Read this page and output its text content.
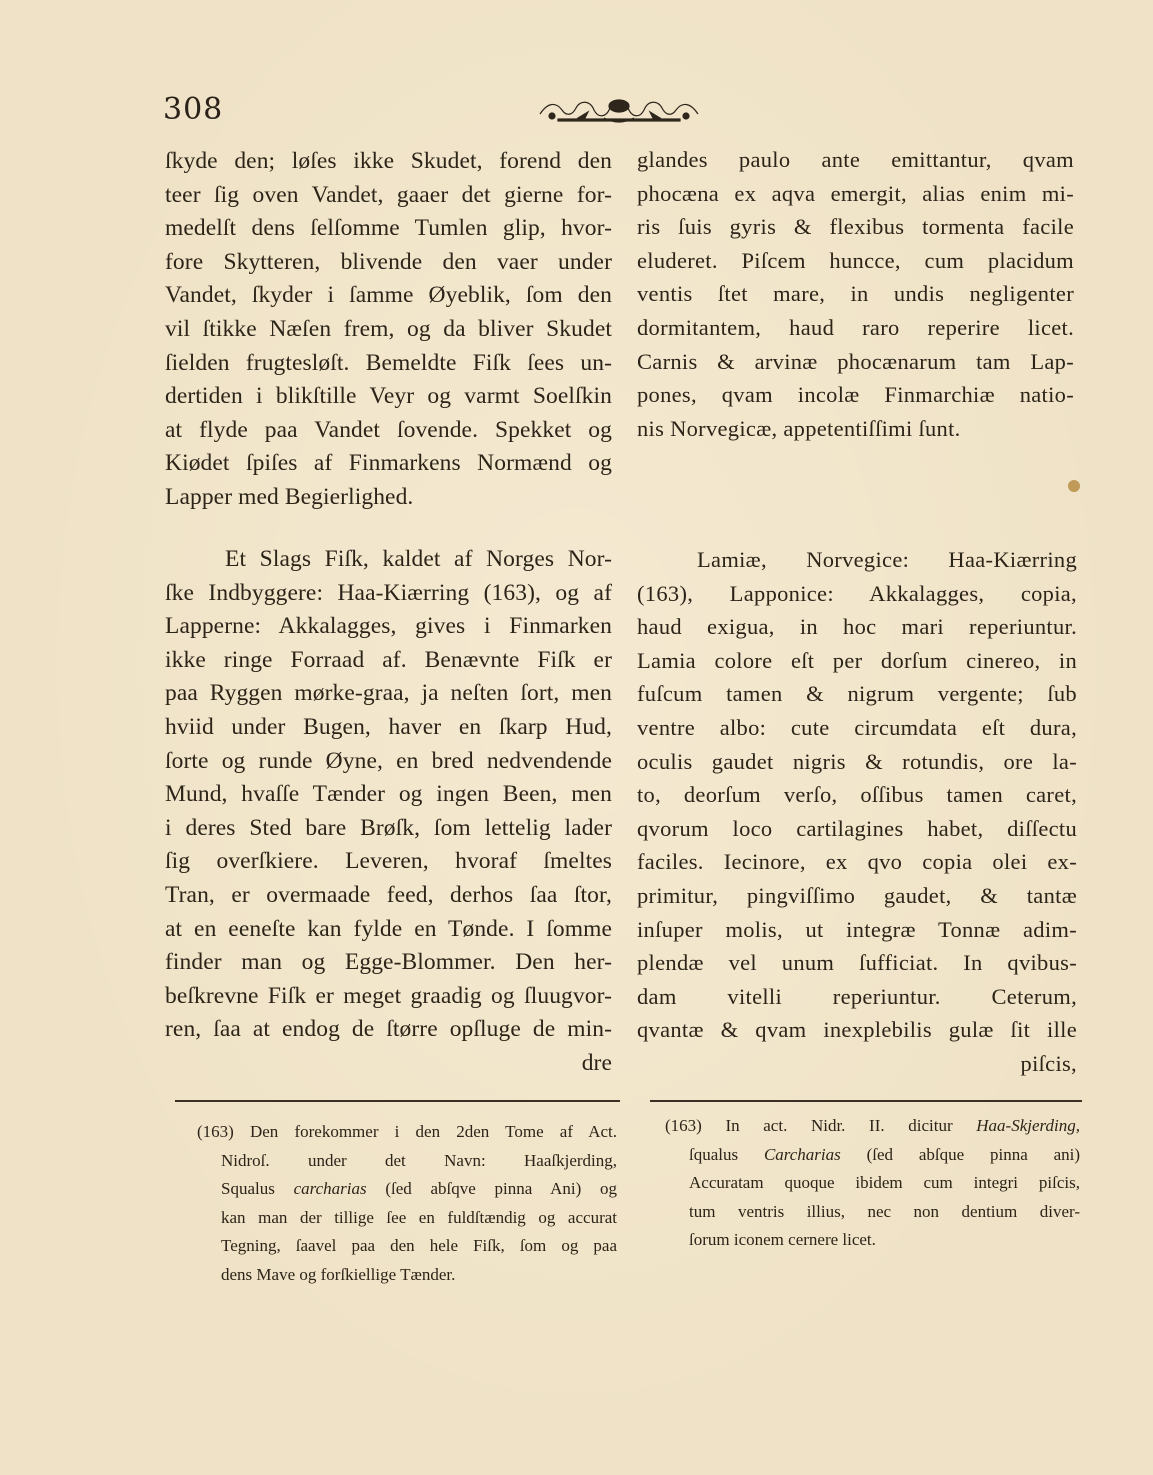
308
ſkyde den; løſes ikke Skudet, forend den
teer ſig oven Vandet, gaaer det gierne for-
medelſt dens ſelſomme Tumlen glip, hvor-
fore Skytteren, blivende den vaer under
Vandet, ſkyder i ſamme Øyeblik, ſom den
vil ſtikke Næſen frem, og da bliver Skudet
ſielden frugtesløſt. Bemeldte Fiſk ſees un-
dertiden i blikſtille Veyr og varmt Soelſkin
at flyde paa Vandet ſovende. Spekket og
Kiødet ſpiſes af Finmarkens Normænd og
Lapper med Begierlighed.
glandes paulo ante emittantur, qvam
phocæna ex aqva emergit, alias enim mi-
ris ſuis gyris & flexibus tormenta facile
eluderet. Piſcem huncce, cum placidum
ventis ſtet mare, in undis negligenter
dormitantem, haud raro reperire licet.
Carnis & arvinæ phocænarum tam Lap-
pones, qvam incolæ Finmarchiæ natio-
nis Norvegicæ, appetentiſſimi ſunt.
Et Slags Fiſk, kaldet af Norges Nor-
ſke Indbyggere: Haa-Kiærring (163), og af
Lapperne: Akkalagges, gives i Finmarken
ikke ringe Forraad af. Benævnte Fiſk er
paa Ryggen mørke-graa, ja neſten ſort, men
hviid under Bugen, haver en ſkarp Hud,
ſorte og runde Øyne, en bred nedvendende
Mund, hvaſſe Tænder og ingen Been, men
i deres Sted bare Brøſk, ſom lettelig lader
ſig overſkiere. Leveren, hvoraf ſmeltes
Tran, er overmaade feed, derhos ſaa ſtor,
at en eeneſte kan fylde en Tønde. I ſomme
finder man og Egge-Blommer. Den her-
beſkrevne Fiſk er meget graadig og ſluugvor-
ren, ſaa at endog de ſtørre opſluge de min-
dre
Lamiæ, Norvegice: Haa-Kiærring
(163), Lapponice: Akkalagges, copia,
haud exigua, in hoc mari reperiuntur.
Lamia colore eſt per dorſum cinereo, in
fuſcum tamen & nigrum vergente; ſub
ventre albo: cute circumdata eſt dura,
oculis gaudet nigris & rotundis, ore la-
to, deorſum verſo, oſſibus tamen caret,
qvorum loco cartilagines habet, diſſectu
faciles. Iecinore, ex qvo copia olei ex-
primitur, pingviſſimo gaudet, & tantæ
inſuper molis, ut integræ Tonnæ adim-
plendæ vel unum ſufficiat. In qvibus-
dam vitelli reperiuntur. Ceterum,
qvantæ & qvam inexplebilis gulæ ſit ille
piſcis,
(163) Den forekommer i den 2den Tome af Act.
Nidroſ. under det Navn: Haaſkjerding,
Squalus carcharias (ſed abſqve pinna Ani) og
kan man der tillige ſee en fuldſtændig og accurat
Tegning, ſaavel paa den hele Fiſk, ſom og paa
dens Mave og forſkiellige Tænder.
(163) In act. Nidr. II. dicitur Haa-Skjerding,
ſqualus Carcharias (ſed abſque pinna ani)
Accuratam quoque ibidem cum integri piſcis,
tum ventris illius, nec non dentium diver-
ſorum iconem cernere licet.
